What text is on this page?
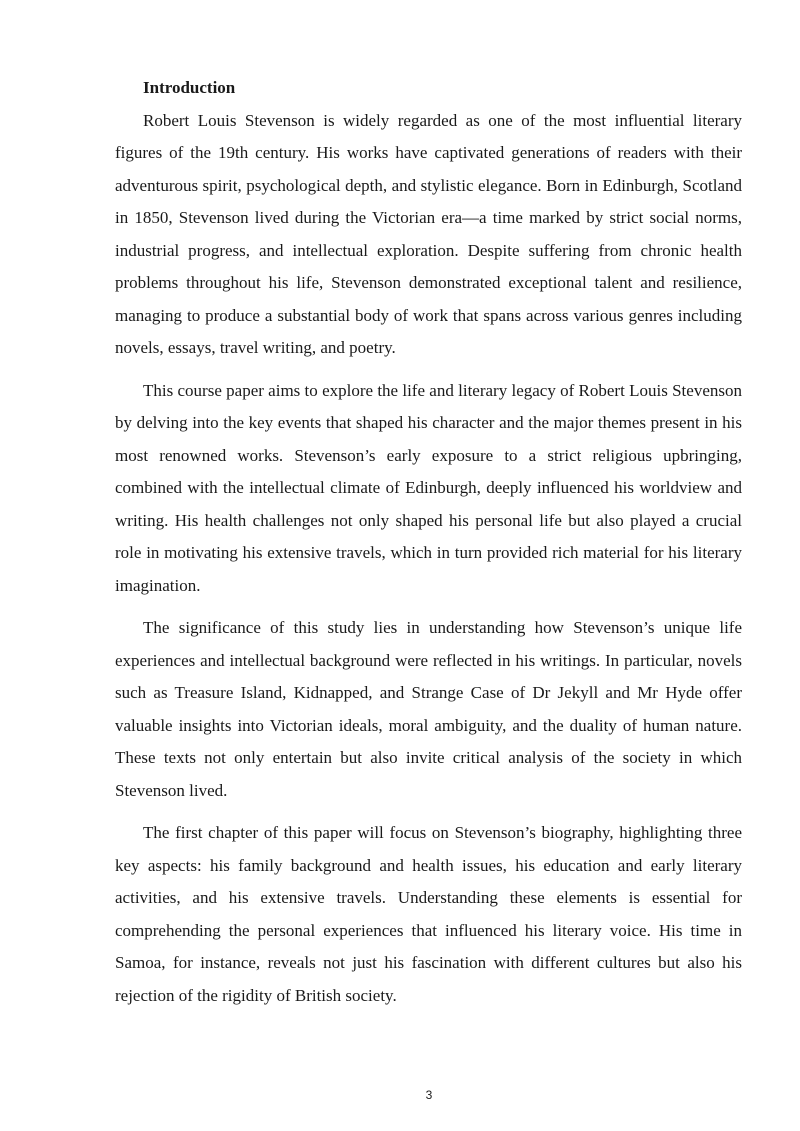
Introduction

Robert Louis Stevenson is widely regarded as one of the most influential literary figures of the 19th century. His works have captivated generations of readers with their adventurous spirit, psychological depth, and stylistic elegance. Born in Edinburgh, Scotland in 1850, Stevenson lived during the Victorian era—a time marked by strict social norms, industrial progress, and intellectual exploration. Despite suffering from chronic health problems throughout his life, Stevenson demonstrated exceptional talent and resilience, managing to produce a substantial body of work that spans across various genres including novels, essays, travel writing, and poetry.

This course paper aims to explore the life and literary legacy of Robert Louis Stevenson by delving into the key events that shaped his character and the major themes present in his most renowned works. Stevenson’s early exposure to a strict religious upbringing, combined with the intellectual climate of Edinburgh, deeply influenced his worldview and writing. His health challenges not only shaped his personal life but also played a crucial role in motivating his extensive travels, which in turn provided rich material for his literary imagination.

The significance of this study lies in understanding how Stevenson’s unique life experiences and intellectual background were reflected in his writings. In particular, novels such as Treasure Island, Kidnapped, and Strange Case of Dr Jekyll and Mr Hyde offer valuable insights into Victorian ideals, moral ambiguity, and the duality of human nature. These texts not only entertain but also invite critical analysis of the society in which Stevenson lived.

The first chapter of this paper will focus on Stevenson’s biography, highlighting three key aspects: his family background and health issues, his education and early literary activities, and his extensive travels. Understanding these elements is essential for comprehending the personal experiences that influenced his literary voice. His time in Samoa, for instance, reveals not just his fascination with different cultures but also his rejection of the rigidity of British society.

3
